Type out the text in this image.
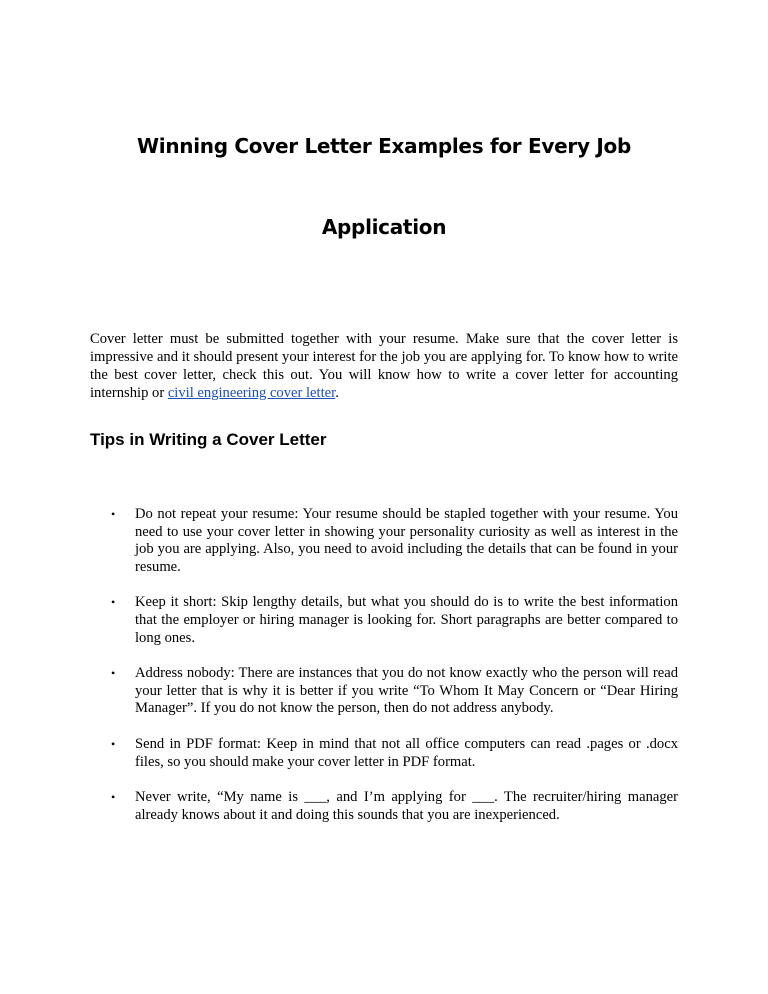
Winning Cover Letter Examples for Every Job
Application

Cover letter must be submitted together with your resume. Make sure that the cover letter is impressive and it should present your interest for the job you are applying for. To know how to write the best cover letter, check this out. You will know how to write a cover letter for accounting internship or civil engineering cover letter.

Tips in Writing a Cover Letter
• Do not repeat your resume: Your resume should be stapled together with your resume. You need to use your cover letter in showing your personality curiosity as well as interest in the job you are applying. Also, you need to avoid including the details that can be found in your resume.
• Keep it short: Skip lengthy details, but what you should do is to write the best information that the employer or hiring manager is looking for. Short paragraphs are better compared to long ones.
• Address nobody: There are instances that you do not know exactly who the person will read your letter that is why it is better if you write “To Whom It May Concern or “Dear Hiring Manager”. If you do not know the person, then do not address anybody.
• Send in PDF format: Keep in mind that not all office computers can read .pages or .docx files, so you should make your cover letter in PDF format.
• Never write, “My name is ___, and I’m applying for ___. The recruiter/hiring manager already knows about it and doing this sounds that you are inexperienced.
